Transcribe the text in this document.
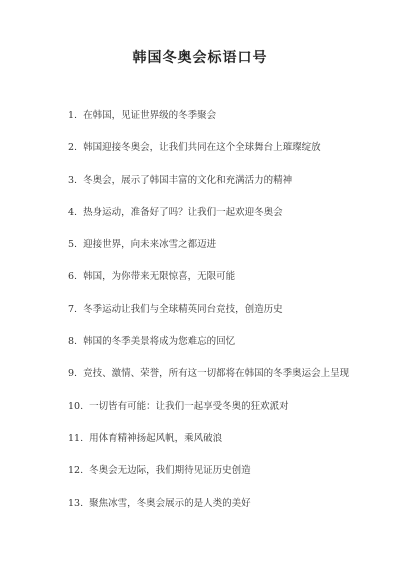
韩国冬奥会标语口号
1. 在韩国，见证世界级的冬季聚会
2. 韩国迎接冬奥会，让我们共同在这个全球舞台上璀璨绽放
3. 冬奥会，展示了韩国丰富的文化和充满活力的精神
4. 热身运动，准备好了吗？让我们一起欢迎冬奥会
5. 迎接世界，向未来冰雪之都迈进
6. 韩国，为你带来无限惊喜，无限可能
7. 冬季运动让我们与全球精英同台竞技，创造历史
8. 韩国的冬季美景将成为您难忘的回忆
9. 竞技、激情、荣誉，所有这一切都将在韩国的冬季奥运会上呈现
10. 一切皆有可能：让我们一起享受冬奥的狂欢派对
11. 用体育精神扬起风帆，乘风破浪
12. 冬奥会无边际，我们期待见证历史创造
13. 聚焦冰雪，冬奥会展示的是人类的美好
